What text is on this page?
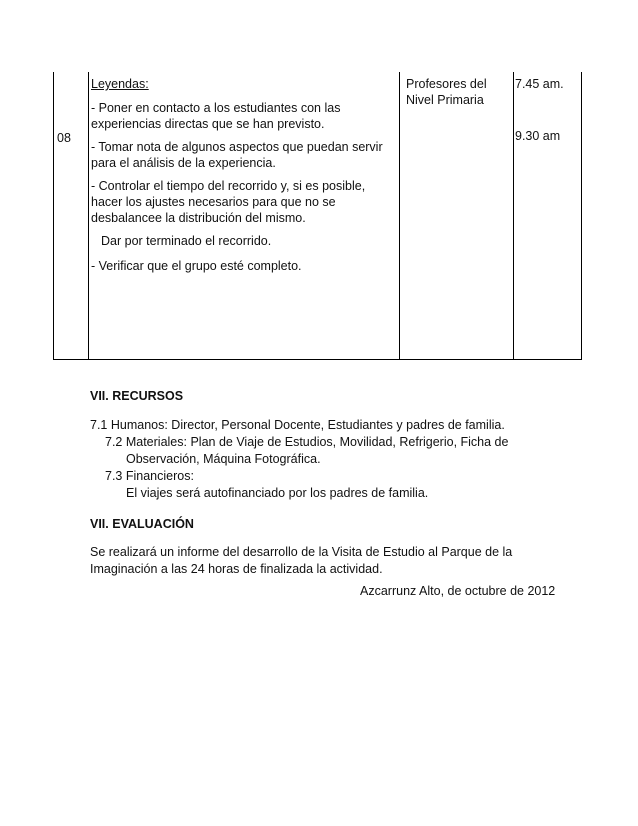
08
Leyendas:
- Poner en contacto a los estudiantes con las experiencias directas que se han previsto.
- Tomar nota de algunos aspectos que puedan servir para el análisis de la experiencia.
- Controlar el tiempo del recorrido y, si es posible, hacer los ajustes necesarios para que no se desbalancee la distribución del mismo.
Dar por terminado el recorrido.
- Verificar que el grupo esté completo.
Profesores del Nivel Primaria
7.45 am.
9.30 am
VII. RECURSOS
7.1 Humanos: Director, Personal Docente, Estudiantes y padres de familia.
7.2 Materiales: Plan de Viaje de Estudios, Movilidad, Refrigerio, Ficha de
Observación, Máquina Fotográfica.
7.3 Financieros:
El viajes será autofinanciado por los padres de familia.
VII. EVALUACIÓN
Se realizará un informe del desarrollo de la Visita de Estudio al Parque de la
Imaginación a las 24 horas de finalizada la actividad.
Azcarrunz Alto, de octubre de 2012
